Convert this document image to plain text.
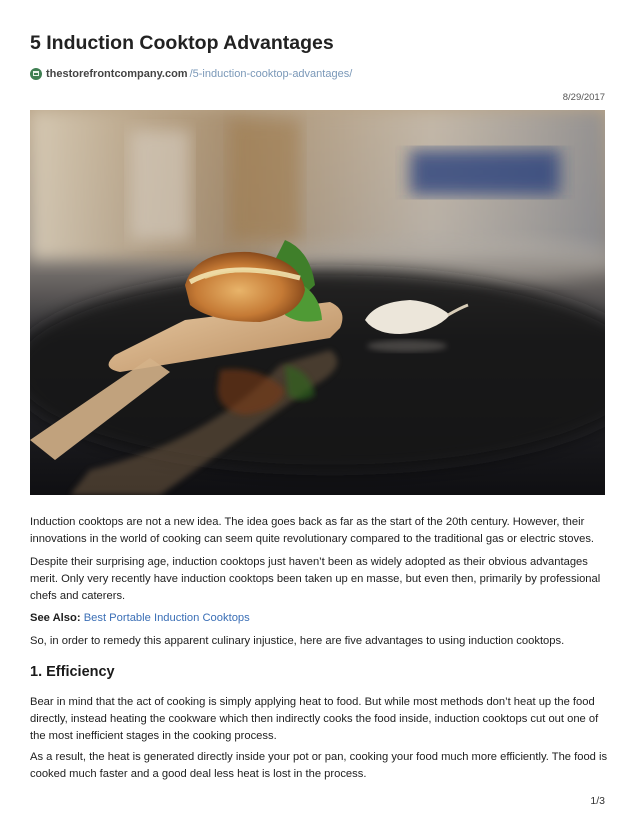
5 Induction Cooktop Advantages
thestorefrontcompany.com /5-induction-cooktop-advantages/
8/29/2017

Induction cooktops are not a new idea. The idea goes back as far as the start of the 20th century. However, their innovations in the world of cooking can seem quite revolutionary compared to the traditional gas or electric stoves.

Despite their surprising age, induction cooktops just haven’t been as widely adopted as their obvious advantages merit. Only very recently have induction cooktops been taken up en masse, but even then, primarily by professional chefs and caterers.

See Also: Best Portable Induction Cooktops

So, in order to remedy this apparent culinary injustice, here are five advantages to using induction cooktops.

1. Efficiency

Bear in mind that the act of cooking is simply applying heat to food. But while most methods don’t heat up the food directly, instead heating the cookware which then indirectly cooks the food inside, induction cooktops cut out one of the most inefficient stages in the cooking process.

As a result, the heat is generated directly inside your pot or pan, cooking your food much more efficiently. The food is cooked much faster and a good deal less heat is lost in the process.

1/3
